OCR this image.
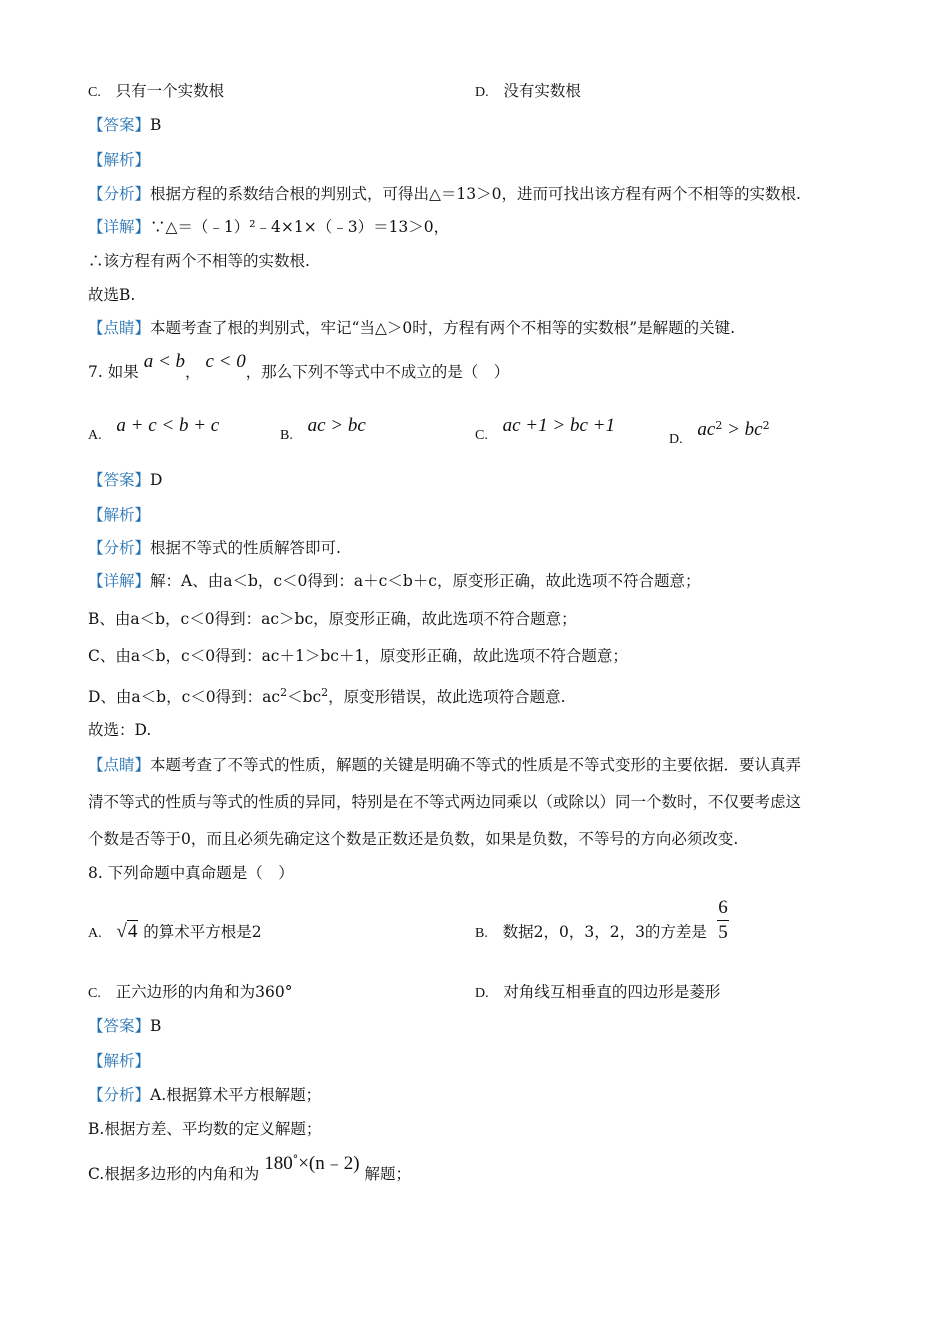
C. 只有一个实数根	D. 没有实数根
【答案】B
【解析】
【分析】根据方程的系数结合根的判别式，可得出△＝13＞0，进而可找出该方程有两个不相等的实数根.
【详解】∵△＝（﹣1）²﹣4×1×（﹣3）＝13＞0，
∴该方程有两个不相等的实数根.
故选B.
【点睛】本题考查了根的判别式，牢记“当△＞0时，方程有两个不相等的实数根”是解题的关键.
7. 如果 a < b， c < 0，那么下列不等式中不成立的是（　）
A. a + c < b + c	B. ac > bc	C. ac +1 > bc +1
D. $ac^2 > bc^2$
【答案】D
【解析】
【分析】根据不等式的性质解答即可.
【详解】解：A、由a＜b，c＜0得到：a＋c＜b＋c，原变形正确，故此选项不符合题意；
B、由a＜b，c＜0得到：ac＞bc，原变形正确，故此选项不符合题意；
C、由a＜b，c＜0得到：ac＋1＞bc＋1，原变形正确，故此选项不符合题意；
D、由a＜b，c＜0得到：$ac^2<bc^2$，原变形错误，故此选项符合题意.
故选：D.
【点睛】本题考查了不等式的性质，解题的关键是明确不等式的性质是不等式变形的主要依据．要认真弄
清不等式的性质与等式的性质的异同，特别是在不等式两边同乘以（或除以）同一个数时，不仅要考虑这
个数是否等于0，而且必须先确定这个数是正数还是负数，如果是负数，不等号的方向必须改变.
8. 下列命题中真命题是（　）
A. √4 的算术平方根是2	B. 数据2，0，3，2，3的方差是
6
5
C. 正六边形的内角和为360°	D. 对角线互相垂直的四边形是菱形
【答案】B
【解析】
【分析】A.根据算术平方根解题；
B.根据方差、平均数的定义解题；
C.根据多边形的内角和为 180°×(n﹣2) 解题；
